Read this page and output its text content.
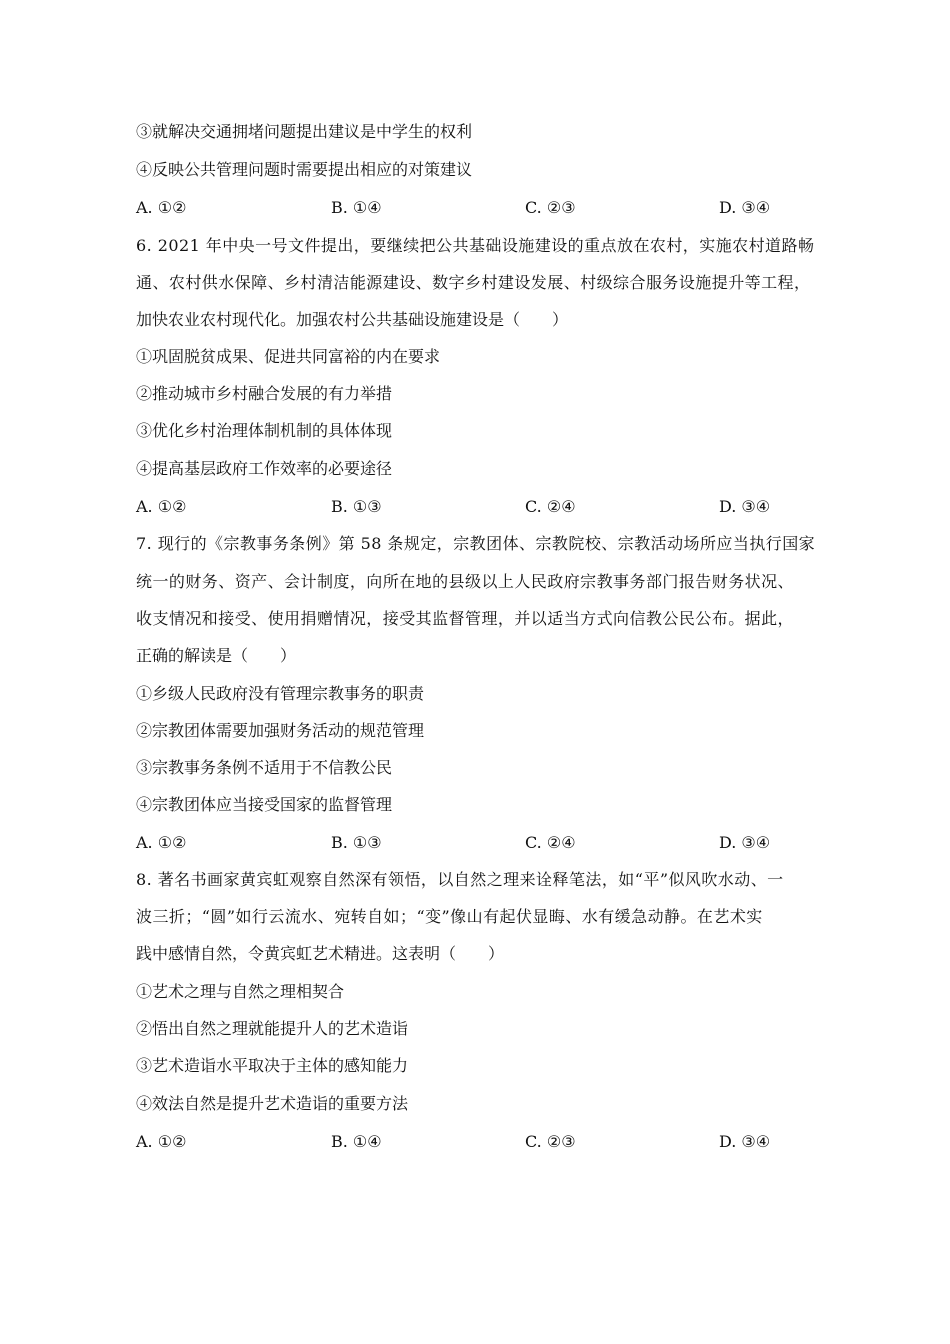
③就解决交通拥堵问题提出建议是中学生的权利
④反映公共管理问题时需要提出相应的对策建议
A. ①②	B. ①④	C. ②③	D. ③④
6. 2021 年中央一号文件提出，要继续把公共基础设施建设的重点放在农村，实施农村道路畅
通、农村供水保障、乡村清洁能源建设、数字乡村建设发展、村级综合服务设施提升等工程，
加快农业农村现代化。加强农村公共基础设施建设是（　　）
①巩固脱贫成果、促进共同富裕的内在要求
②推动城市乡村融合发展的有力举措
③优化乡村治理体制机制的具体体现
④提高基层政府工作效率的必要途径
A. ①②	B. ①③	C. ②④	D. ③④
7. 现行的《宗教事务条例》第 58 条规定，宗教团体、宗教院校、宗教活动场所应当执行国家
统一的财务、资产、会计制度，向所在地的县级以上人民政府宗教事务部门报告财务状况、
收支情况和接受、使用捐赠情况，接受其监督管理，并以适当方式向信教公民公布。据此，
正确的解读是（　　）
①乡级人民政府没有管理宗教事务的职责
②宗教团体需要加强财务活动的规范管理
③宗教事务条例不适用于不信教公民
④宗教团体应当接受国家的监督管理
A. ①②	B. ①③	C. ②④	D. ③④
8. 著名书画家黄宾虹观察自然深有领悟，以自然之理来诠释笔法，如“平”似风吹水动、一
波三折；“圆”如行云流水、宛转自如；“变”像山有起伏显晦、水有缓急动静。在艺术实
践中感情自然，令黄宾虹艺术精进。这表明（　　）
①艺术之理与自然之理相契合
②悟出自然之理就能提升人的艺术造诣
③艺术造诣水平取决于主体的感知能力
④效法自然是提升艺术造诣的重要方法
A. ①②	B. ①④	C. ②③	D. ③④
